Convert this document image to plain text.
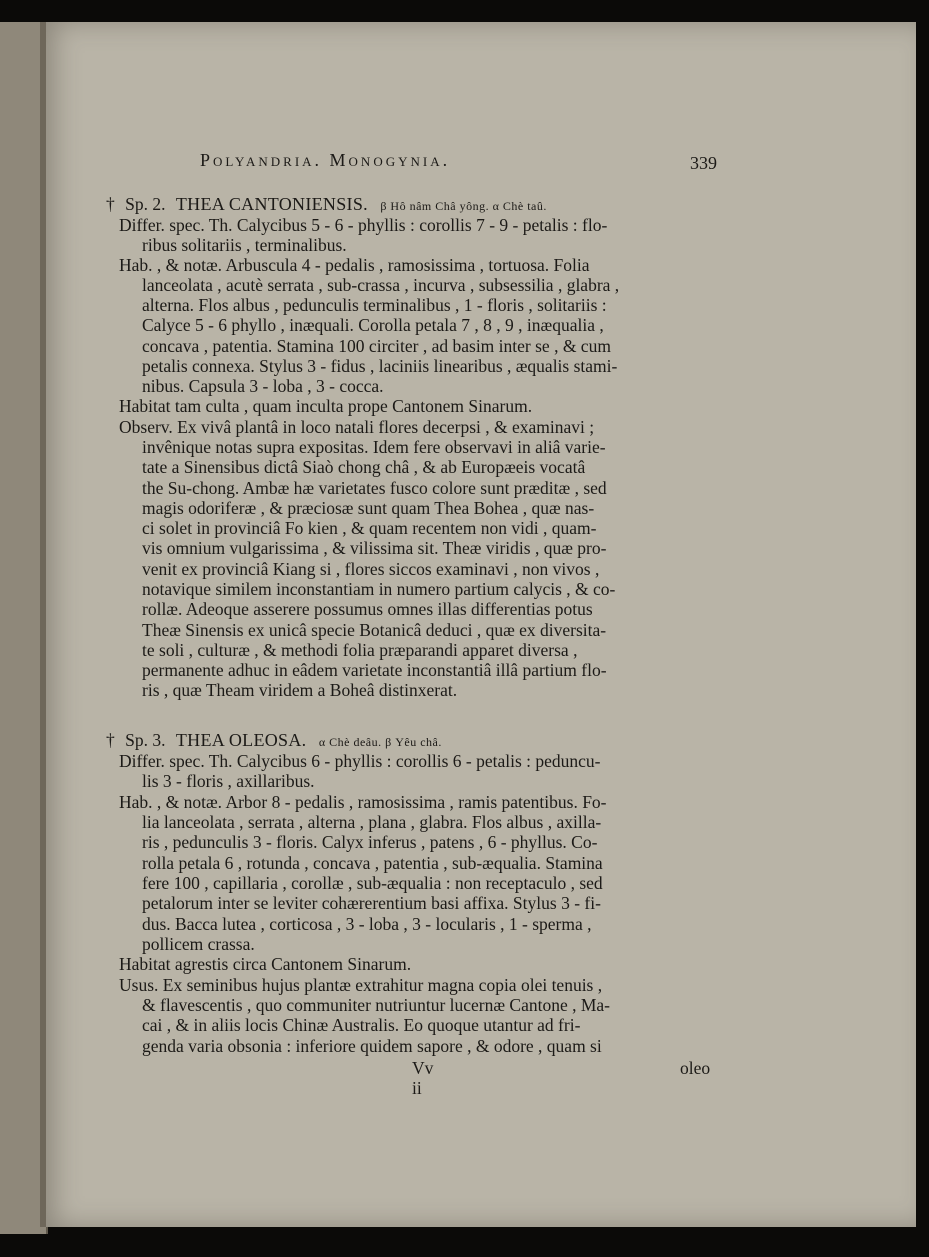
Polyandria. Monogynia.	339
† Sp. 2. THEA CANTONIENSIS. β Hô nâm Châ yông. α Chè taû.
Differ. spec. Th. Calycibus 5 - 6 - phyllis : corollis 7 - 9 - petalis : flo-
ribus solitariis , terminalibus.
Hab. , & notæ. Arbuscula 4 - pedalis , ramosissima , tortuosa. Folia
lanceolata , acutè serrata , sub-crassa , incurva , subsessilia , glabra ,
alterna. Flos albus , pedunculis terminalibus , 1 - floris , solitariis :
Calyce 5 - 6 phyllo , inæquali. Corolla petala 7 , 8 , 9 , inæqualia ,
concava , patentia. Stamina 100 circiter , ad basim inter se , & cum
petalis connexa. Stylus 3 - fidus , laciniis linearibus , æqualis stami-
nibus. Capsula 3 - loba , 3 - cocca.
Habitat tam culta , quam inculta prope Cantonem Sinarum.
Observ. Ex vivâ plantâ in loco natali flores decerpsi , & examinavi ;
invênique notas supra expositas. Idem fere observavi in aliâ varie-
tate a Sinensibus dictâ Siaò chong châ , & ab Europæeis vocatâ
the Su-chong. Ambæ hæ varietates fusco colore sunt præditæ , sed
magis odoriferæ , & præciosæ sunt quam Thea Bohea , quæ nas-
ci solet in provinciâ Fo kien , & quam recentem non vidi , quam-
vis omnium vulgarissima , & vilissima sit. Theæ viridis , quæ pro-
venit ex provinciâ Kiang si , flores siccos examinavi , non vivos ,
notavique similem inconstantiam in numero partium calycis , & co-
rollæ. Adeoque asserere possumus omnes illas differentias potus
Theæ Sinensis ex unicâ specie Botanicâ deduci , quæ ex diversita-
te soli , culturæ , & methodi folia præparandi apparet diversa ,
permanente adhuc in eâdem varietate inconstantiâ illâ partium flo-
ris , quæ Theam viridem a Boheâ distinxerat.
† Sp. 3. THEA OLEOSA. α Chè deâu. β Yêu châ.
Differ. spec. Th. Calycibus 6 - phyllis : corollis 6 - petalis : peduncu-
lis 3 - floris , axillaribus.
Hab. , & notæ. Arbor 8 - pedalis , ramosissima , ramis patentibus. Fo-
lia lanceolata , serrata , alterna , plana , glabra. Flos albus , axilla-
ris , pedunculis 3 - floris. Calyx inferus , patens , 6 - phyllus. Co-
rolla petala 6 , rotunda , concava , patentia , sub-æqualia. Stamina
fere 100 , capillaria , corollæ , sub-æqualia : non receptaculo , sed
petalorum inter se leviter cohærerentium basi affixa. Stylus 3 - fi-
dus. Bacca lutea , corticosa , 3 - loba , 3 - locularis , 1 - sperma ,
pollicem crassa.
Habitat agrestis circa Cantonem Sinarum.
Usus. Ex seminibus hujus plantæ extrahitur magna copia olei tenuis ,
& flavescentis , quo communiter nutriuntur lucernæ Cantone , Ma-
cai , & in aliis locis Chinæ Australis. Eo quoque utantur ad fri-
genda varia obsonia : inferiore quidem sapore , & odore , quam si
Vv ii
oleo
